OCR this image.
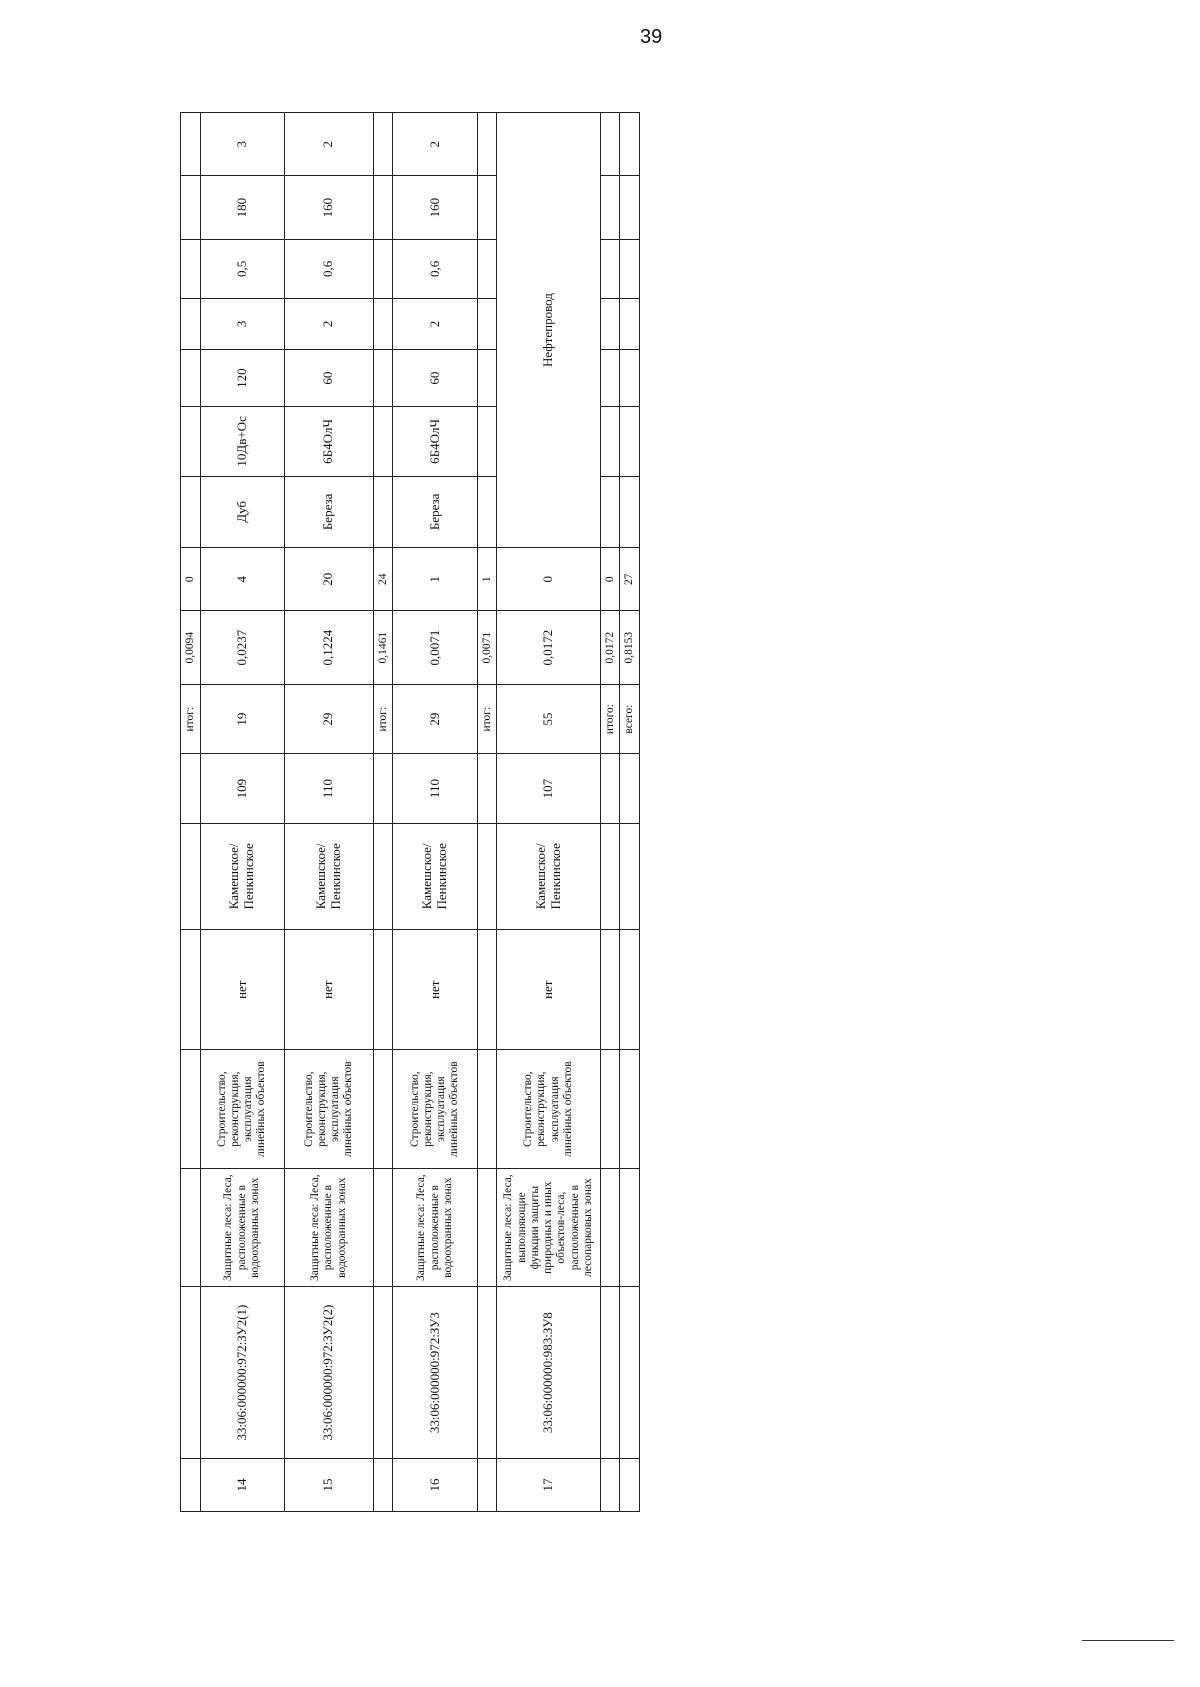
39
							итог:	0,0094	0							
14	33:06:000000:972:ЗУ2(1)	Защитные леса: Леса, расположенные в водоохранных зонах	Строительство, реконструкция, эксплуатация линейных объектов	нет	Камешское/ Пенкинское	109	19	0,0237	4	Дуб	10Дв+Ос	120	3	0,5	180	3
15	33:06:000000:972:ЗУ2(2)	Защитные леса: Леса, расположенные в водоохранных зонах	Строительство, реконструкция, эксплуатация линейных объектов	нет	Камешское/ Пенкинское	110	29	0,1224	20	Береза	6Б4ОлЧ	60	2	0,6	160	2
							итог:	0,1461	24							
16	33:06:000000:972:ЗУ3	Защитные леса: Леса, расположенные в водоохранных зонах	Строительство, реконструкция, эксплуатация линейных объектов	нет	Камешское/ Пенкинское	110	29	0,0071	1	Береза	6Б4ОлЧ	60	2	0,6	160	2
							итог:	0,0071	1							
17	33:06:000000:983:ЗУ8	Защитные леса: Леса, выполняющие функции защиты природных и иных объектов-леса, расположенные в лесопарковых зонах	Строительство, реконструкция, эксплуатация линейных объектов	нет	Камешское/ Пенкинское	107	55	0,0172	0	Нефтепровод						
							итого:	0,0172	0							
							всего:	0,8153	27							
